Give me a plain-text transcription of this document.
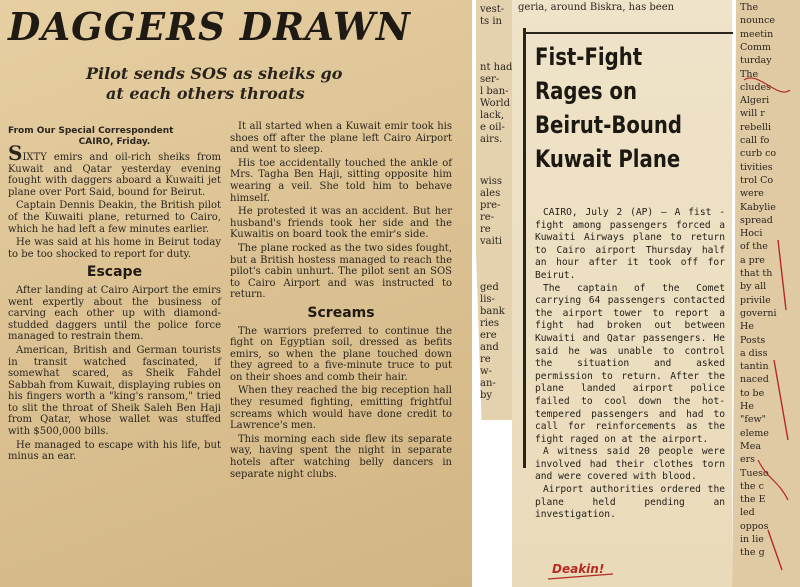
DAGGERS DRAWN
Pilot sends SOS as sheiks go
at each others throats
From Our Special Correspondent
CAIRO, Friday.

SIXTY emirs and oil-rich sheiks from Kuwait and Qatar yesterday evening fought with daggers aboard a Kuwaiti jet plane over Port Said, bound for Beirut.

Captain Dennis Deakin, the British pilot of the Kuwaiti plane, returned to Cairo, which he had left a few minutes earlier.

He was said at his home in Beirut today to be too shocked to report for duty.

Escape

After landing at Cairo Airport the emirs went expertly about the business of carving each other up with diamond-studded daggers until the police force managed to restrain them.

American, British and German tourists in transit watched fascinated, if somewhat scared, as Sheik Fahdel Sabbah from Kuwait, displaying rubies on his fingers worth a "king's ransom," tried to slit the throat of Sheik Saleh Ben Haji from Qatar, whose wallet was stuffed with $500,000 bills.

He managed to escape with his life, but minus an ear.

It all started when a Kuwait emir took his shoes off after the plane left Cairo Airport and went to sleep.

His toe accidentally touched the ankle of Mrs. Tagha Ben Haji, sitting opposite him wearing a veil. She told him to behave himself.

He protested it was an accident. But her husband's friends took her side and the Kuwaitis on board took the emir's side.

The plane rocked as the two sides fought, but a British hostess managed to reach the pilot's cabin unhurt. The pilot sent an SOS to Cairo Airport and was instructed to return.

Screams

The warriors preferred to continue the fight on Egyptian soil, dressed as befits emirs, so when the plane touched down they agreed to a five-minute truce to put on their shoes and comb their hair.

When they reached the big reception hall they resumed fighting, emitting frightful screams which would have done credit to Lawrence's men.

This morning each side flew its separate way, having spent the night in separate hotels after watching belly dancers in separate night clubs.

vest-
ts in
nt had
ser-
l ban-
World
lack,
e oil-
airs.
wiss
ales
pre-
re-
re
vaiti
ged
lis-
bank
ries
ere
and
re
w-
an-
by
geria, around Biskra, has been
Fist-Fight
Rages on
Beirut-Bound
Kuwait Plane

CAIRO, July 2 (AP) — A fist - fight among passengers forced a Kuwaiti Airways plane to return to Cairo airport Thursday half an hour after it took off for Beirut.

The captain of the Comet carrying 64 passengers contacted the airport tower to report a fight had broken out between Kuwaiti and Qatar passengers. He said he was unable to control the situation and asked permission to return. After the plane landed airport police failed to cool down the hot-tempered passengers and had to call for reinforcements as the fight raged on at the airport.

A witness said 20 people were involved had their clothes torn and were covered with blood.

Airport authorities ordered the plane held pending an investigation.

Deakin!
The
nounce
meetin
Comm
turday
The
cludes
Algeri
will r
rebelli
call fo
curb co
tivities
trol Co
were
Kabylie
spread
Hoci
of the
a pre
that th
by all
privile
governi
He
Posts
a diss
tantin
naced
to be
He
"few"
eleme
Mea
ers
Tueso
the c
the E
led
oppos
in lie
the g
